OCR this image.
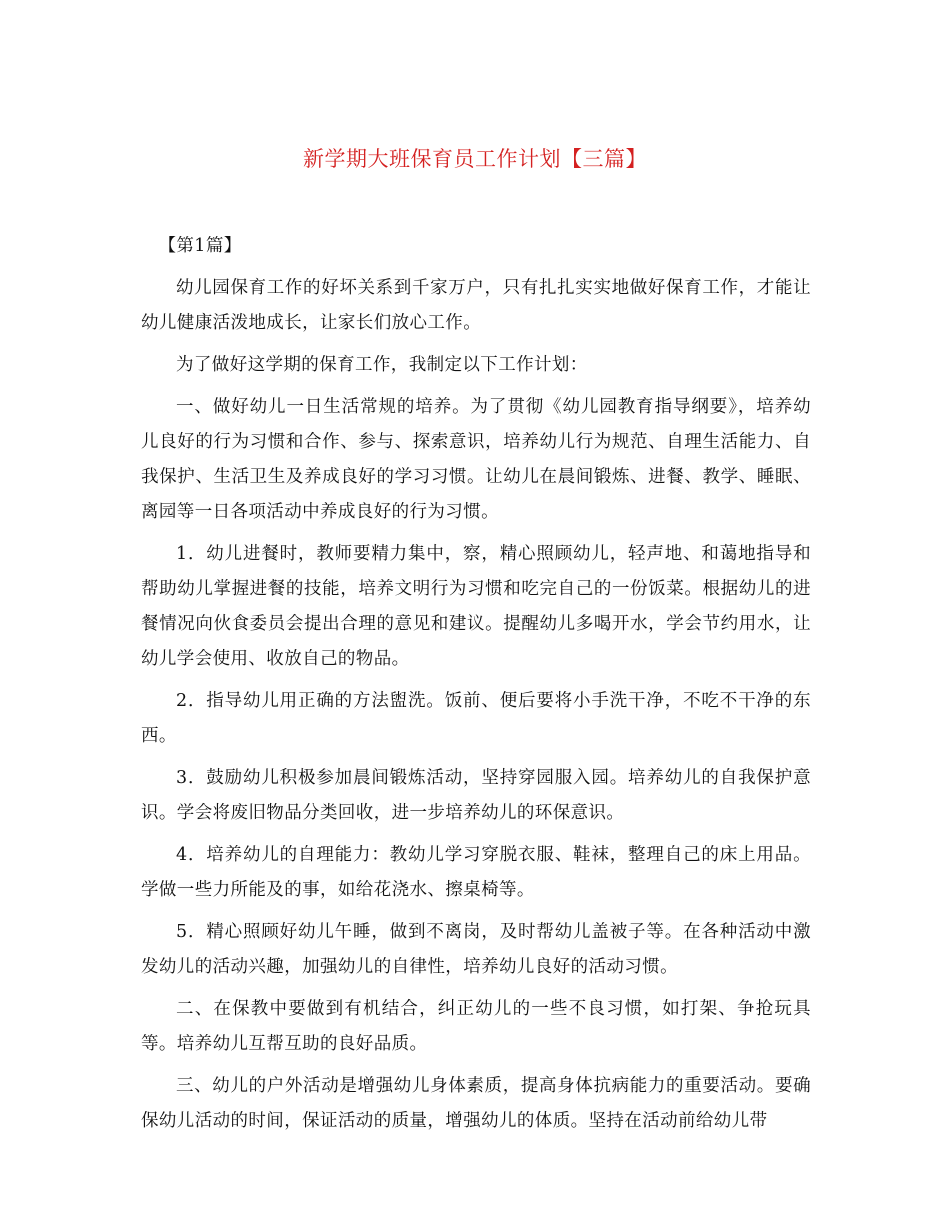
新学期大班保育员工作计划【三篇】

【第1篇】

幼儿园保育工作的好坏关系到千家万户，只有扎扎实实地做好保育工作，才能让幼儿健康活泼地成长，让家长们放心工作。

为了做好这学期的保育工作，我制定以下工作计划：

一、做好幼儿一日生活常规的培养。为了贯彻《幼儿园教育指导纲要》，培养幼儿良好的行为习惯和合作、参与、探索意识，培养幼儿行为规范、自理生活能力、自我保护、生活卫生及养成良好的学习习惯。让幼儿在晨间锻炼、进餐、教学、睡眠、离园等一日各项活动中养成良好的行为习惯。

1．幼儿进餐时，教师要精力集中，察，精心照顾幼儿，轻声地、和蔼地指导和帮助幼儿掌握进餐的技能，培养文明行为习惯和吃完自己的一份饭菜。根据幼儿的进餐情况向伙食委员会提出合理的意见和建议。提醒幼儿多喝开水，学会节约用水，让幼儿学会使用、收放自己的物品。

2．指导幼儿用正确的方法盥洗。饭前、便后要将小手洗干净，不吃不干净的东西。

3．鼓励幼儿积极参加晨间锻炼活动，坚持穿园服入园。培养幼儿的自我保护意识。学会将废旧物品分类回收，进一步培养幼儿的环保意识。

4．培养幼儿的自理能力：教幼儿学习穿脱衣服、鞋袜，整理自己的床上用品。学做一些力所能及的事，如给花浇水、擦桌椅等。

5．精心照顾好幼儿午睡，做到不离岗，及时帮幼儿盖被子等。在各种活动中激发幼儿的活动兴趣，加强幼儿的自律性，培养幼儿良好的活动习惯。

二、在保教中要做到有机结合，纠正幼儿的一些不良习惯，如打架、争抢玩具等。培养幼儿互帮互助的良好品质。

三、幼儿的户外活动是增强幼儿身体素质，提高身体抗病能力的重要活动。要确保幼儿活动的时间，保证活动的质量，增强幼儿的体质。坚持在活动前给幼儿带
